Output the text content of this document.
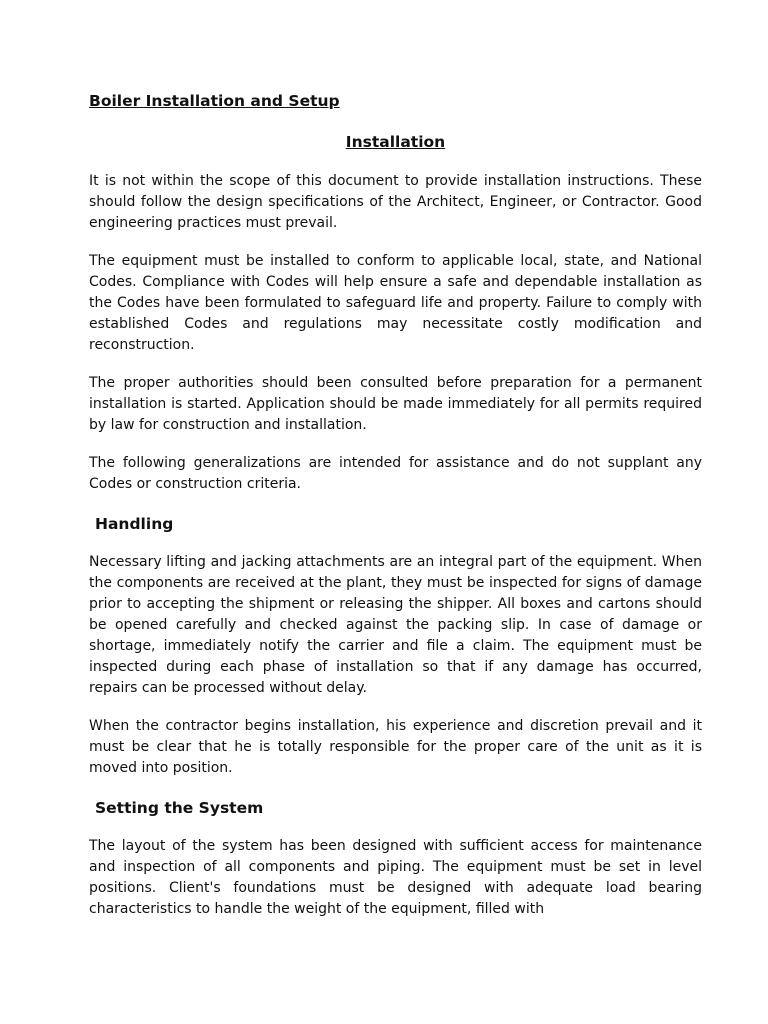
Boiler Installation and Setup
Installation

It is not within the scope of this document to provide installation instructions. These should follow the design specifications of the Architect, Engineer, or Contractor. Good engineering practices must prevail.

The equipment must be installed to conform to applicable local, state, and National Codes. Compliance with Codes will help ensure a safe and dependable installation as the Codes have been formulated to safeguard life and property. Failure to comply with established Codes and regulations may necessitate costly modification and reconstruction.

The proper authorities should been consulted before preparation for a permanent installation is started. Application should be made immediately for all permits required by law for construction and installation.

The following generalizations are intended for assistance and do not supplant any Codes or construction criteria.

Handling

Necessary lifting and jacking attachments are an integral part of the equipment. When the components are received at the plant, they must be inspected for signs of damage prior to accepting the shipment or releasing the shipper. All boxes and cartons should be opened carefully and checked against the packing slip. In case of damage or shortage, immediately notify the carrier and file a claim. The equipment must be inspected during each phase of installation so that if any damage has occurred, repairs can be processed without delay.

When the contractor begins installation, his experience and discretion prevail and it must be clear that he is totally responsible for the proper care of the unit as it is moved into position.

Setting the System

The layout of the system has been designed with sufficient access for maintenance and inspection of all components and piping. The equipment must be set in level positions. Client's foundations must be designed with adequate load bearing characteristics to handle the weight of the equipment, filled with
